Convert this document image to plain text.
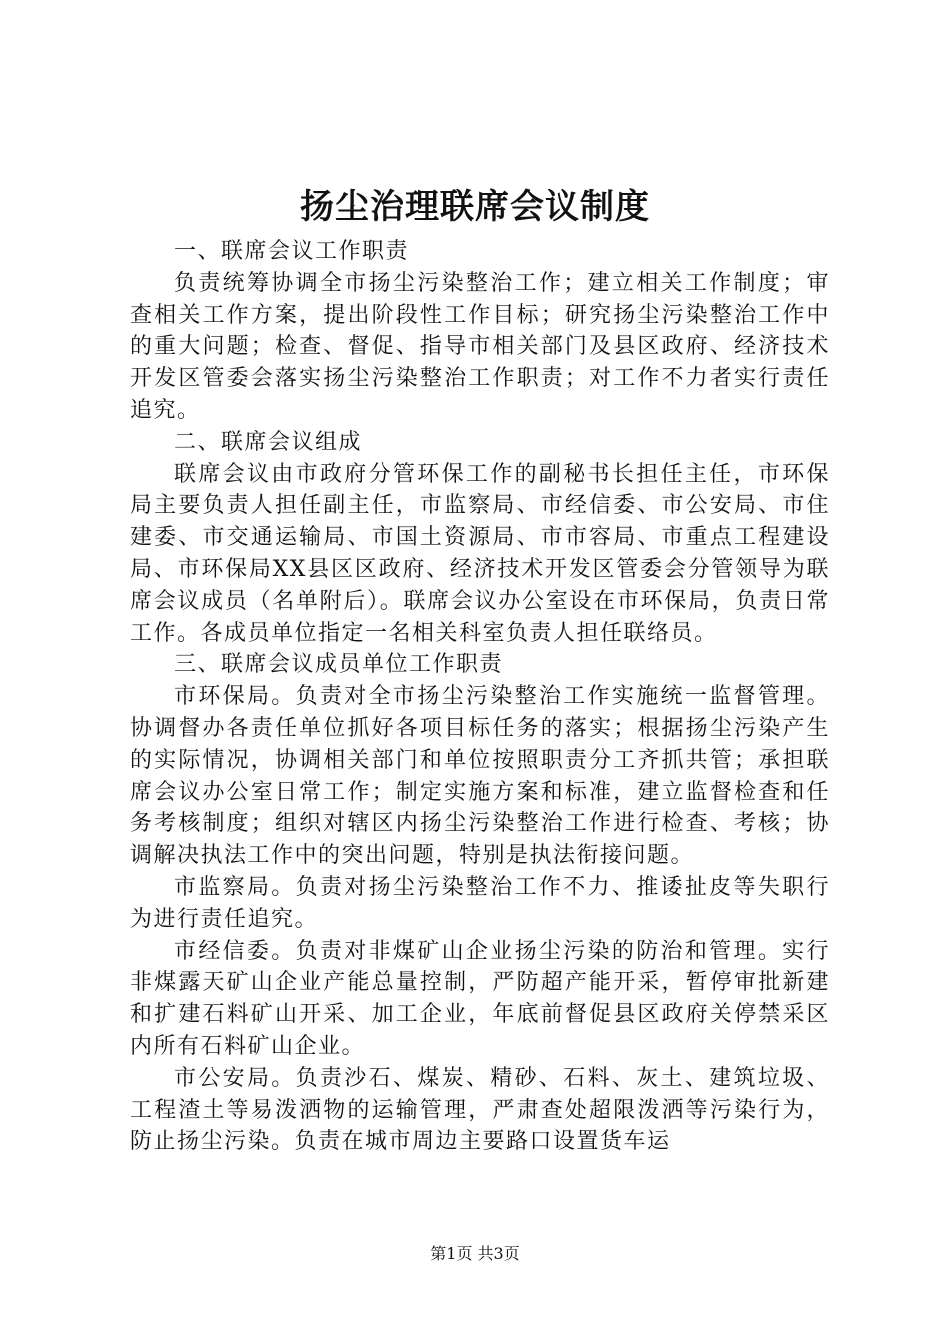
扬尘治理联席会议制度

一、联席会议工作职责

负责统筹协调全市扬尘污染整治工作；建立相关工作制度；审查相关工作方案，提出阶段性工作目标；研究扬尘污染整治工作中的重大问题；检查、督促、指导市相关部门及县区政府、经济技术开发区管委会落实扬尘污染整治工作职责；对工作不力者实行责任追究。

二、联席会议组成

联席会议由市政府分管环保工作的副秘书长担任主任，市环保局主要负责人担任副主任，市监察局、市经信委、市公安局、市住建委、市交通运输局、市国土资源局、市市容局、市重点工程建设局、市环保局XX县区区政府、经济技术开发区管委会分管领导为联席会议成员（名单附后）。联席会议办公室设在市环保局，负责日常工作。各成员单位指定一名相关科室负责人担任联络员。

三、联席会议成员单位工作职责

市环保局。负责对全市扬尘污染整治工作实施统一监督管理。协调督办各责任单位抓好各项目标任务的落实；根据扬尘污染产生的实际情况，协调相关部门和单位按照职责分工齐抓共管；承担联席会议办公室日常工作；制定实施方案和标准，建立监督检查和任务考核制度；组织对辖区内扬尘污染整治工作进行检查、考核；协调解决执法工作中的突出问题，特别是执法衔接问题。

市监察局。负责对扬尘污染整治工作不力、推诿扯皮等失职行为进行责任追究。

市经信委。负责对非煤矿山企业扬尘污染的防治和管理。实行非煤露天矿山企业产能总量控制，严防超产能开采，暂停审批新建和扩建石料矿山开采、加工企业，年底前督促县区政府关停禁采区内所有石料矿山企业。

市公安局。负责沙石、煤炭、精砂、石料、灰土、建筑垃圾、工程渣土等易泼洒物的运输管理，严肃查处超限泼洒等污染行为，防止扬尘污染。负责在城市周边主要路口设置货车运

第1页 共3页
